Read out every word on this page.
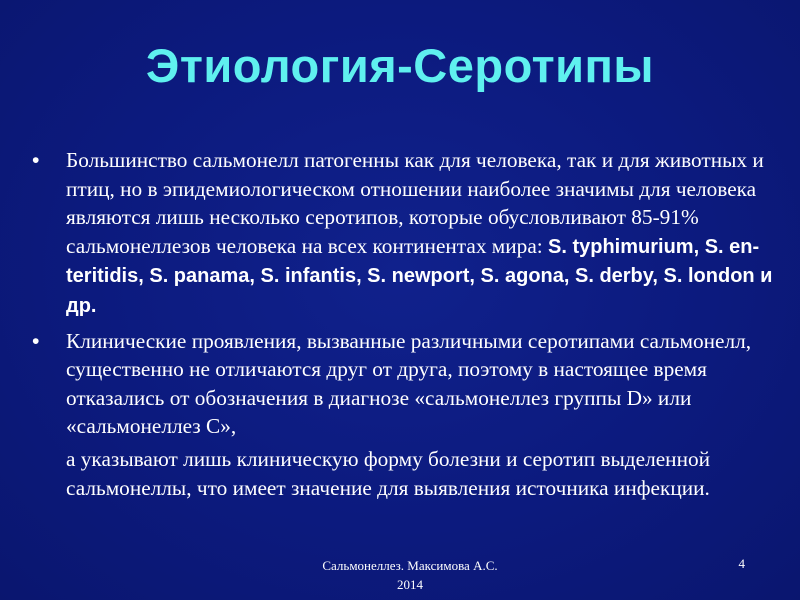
Этиология-Серотипы
• Большинство сальмонелл патогенны как для человека, так и для животных и птиц, но в эпидемиологическом отношении наиболее значимы для человека являются лишь несколько серотипов, которые обусловливают 85-91% сальмонеллезов человека на всех континентах мира: S. typhimurium, S. en-teritidis, S. panama, S. infantis, S. newport, S. agona, S. derby, S. london и др.
• Клинические проявления, вызванные различными серотипами сальмонелл, существенно не отличаются друг от друга, поэтому в настоящее время отказались от обозначения в диагнозе «сальмонеллез группы D» или «сальмонеллез С»,
а указывают лишь клиническую форму болезни и серотип выделенной сальмонеллы, что имеет значение для выявления источника инфекции.
Сальмонеллез. Максимова А.С. 2014
4
